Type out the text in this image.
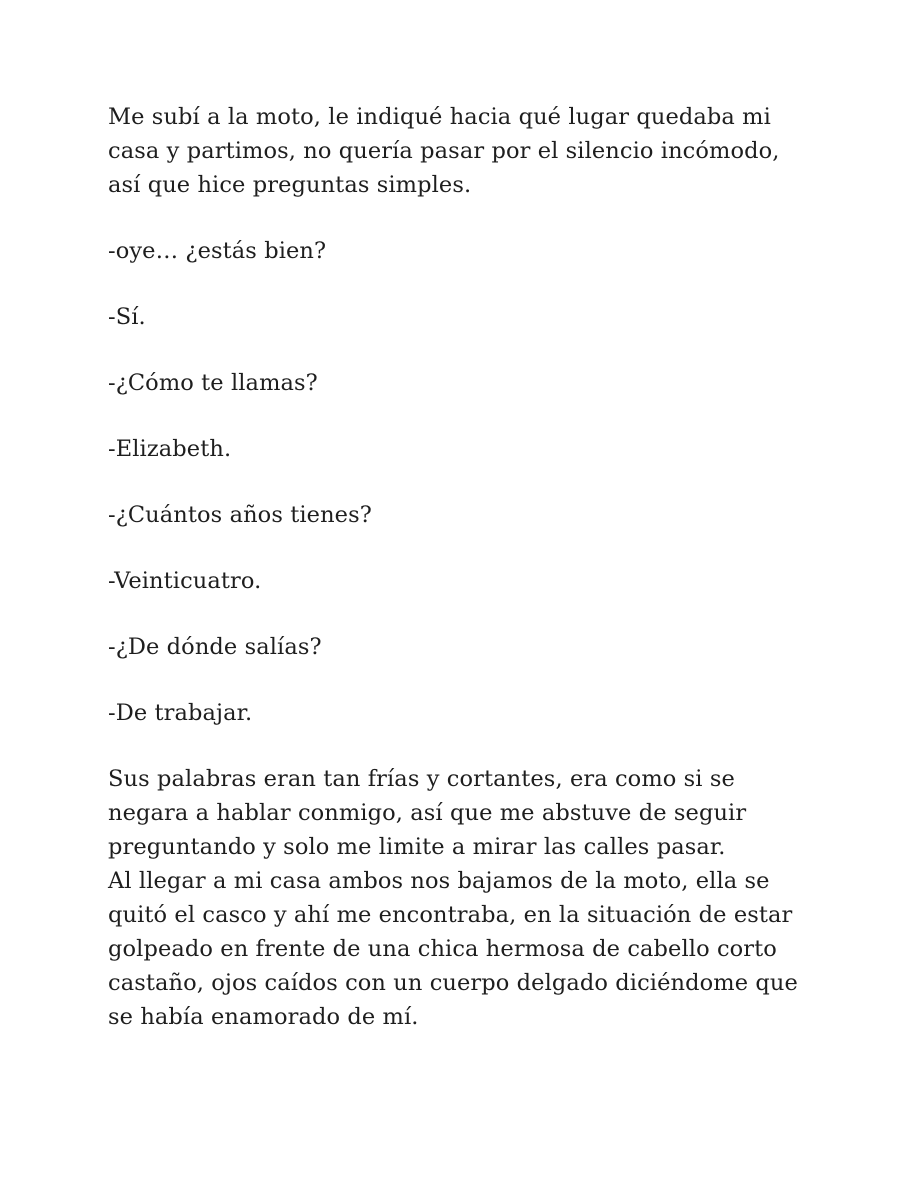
Me subí a la moto, le indiqué hacia qué lugar quedaba mi
casa y partimos, no quería pasar por el silencio incómodo,
así que hice preguntas simples.

-oye… ¿estás bien?

-Sí.

-¿Cómo te llamas?

-Elizabeth.

-¿Cuántos años tienes?

-Veinticuatro.

-¿De dónde salías?

-De trabajar.

Sus palabras eran tan frías y cortantes, era como si se
negara a hablar conmigo, así que me abstuve de seguir
preguntando y solo me limite a mirar las calles pasar.

Al llegar a mi casa ambos nos bajamos de la moto, ella se
quitó el casco y ahí me encontraba, en la situación de estar
golpeado en frente de una chica hermosa de cabello corto
castaño, ojos caídos con un cuerpo delgado diciéndome que
se había enamorado de mí.
